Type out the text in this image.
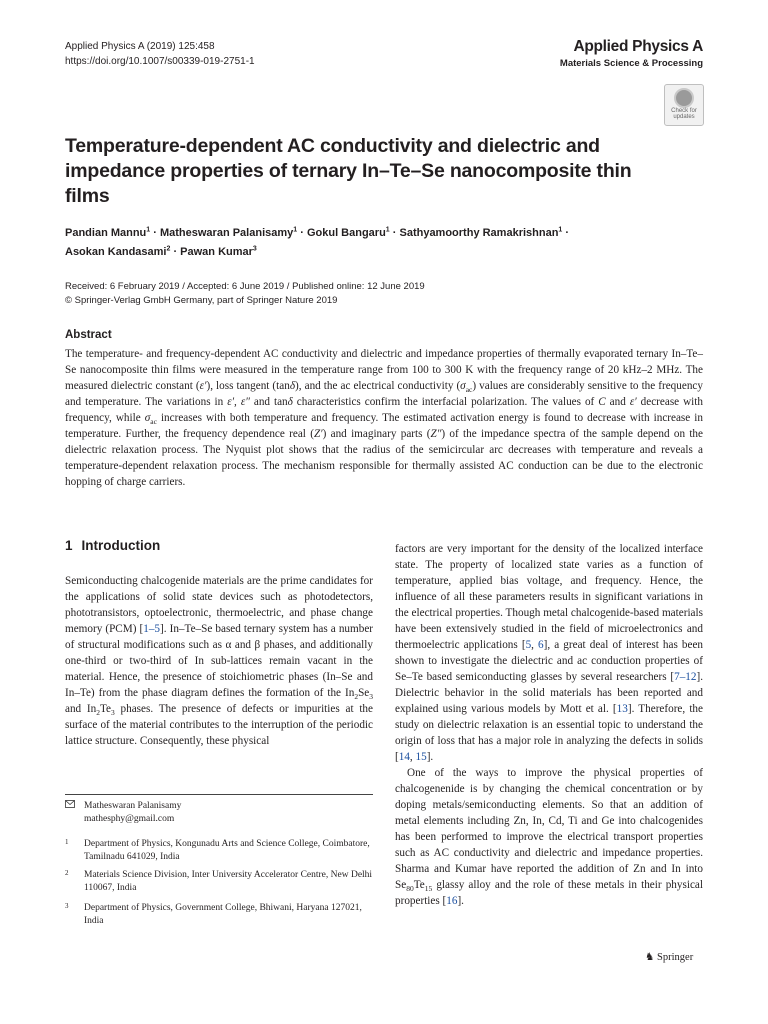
Applied Physics A (2019) 125:458
https://doi.org/10.1007/s00339-019-2751-1
Applied Physics A
Materials Science & Processing
Check for
updates
Temperature-dependent AC conductivity and dielectric and impedance properties of ternary In–Te–Se nanocomposite thin films
Pandian Mannu$^1$ · Matheswaran Palanisamy$^1$ · Gokul Bangaru$^1$ · Sathyamoorthy Ramakrishnan$^1$ ·
Asokan Kandasami$^2$ · Pawan Kumar$^3$
Received: 6 February 2019 / Accepted: 6 June 2019 / Published online: 12 June 2019
© Springer-Verlag GmbH Germany, part of Springer Nature 2019
Abstract
The temperature- and frequency-dependent AC conductivity and dielectric and impedance properties of thermally evaporated ternary In–Te–Se nanocomposite thin films were measured in the temperature range from 100 to 300 K with the frequency range of 20 kHz–2 MHz. The measured dielectric constant (ε′), loss tangent (tanδ), and the ac electrical conductivity $(\sigma_{ac})$ values are considerably sensitive to the frequency and temperature. The variations in ε′, ε″ and tanδ characteristics confirm the interfacial polarization. The values of C and ε′ decrease with frequency, while $\sigma_{ac}$ increases with both temperature and frequency. The estimated activation energy is found to decrease with increase in temperature. Further, the frequency dependence real (Z′) and imaginary parts (Z″) of the impedance spectra of the sample depend on the dielectric relaxation process. The Nyquist plot shows that the radius of the semicircular arc decreases with temperature and reveals a temperature-dependent relaxation process. The mechanism responsible for thermally assisted AC conduction can be due to the electronic hopping of charge carriers.
1 Introduction
Semiconducting chalcogenide materials are the prime candidates for the applications of solid state devices such as photodetectors, phototransistors, optoelectronic, thermoelectric, and phase change memory (PCM) [1–5]. In–Te–Se based ternary system has a number of structural modifications such as α and β phases, and additionally one-third or two-third of In sub-lattices remain vacant in the material. Hence, the presence of stoichiometric phases (In–Se and In–Te) from the phase diagram defines the formation of the $In_2Se_3$ and $In_2Te_3$ phases. The presence of defects or impurities at the surface of the material contributes to the interruption of the periodic lattice structure. Consequently, these physical

factors are very important for the density of the localized interface state. The property of localized state varies as a function of temperature, applied bias voltage, and frequency. Hence, the influence of all these parameters results in significant variations in the electrical properties. Though metal chalcogenide-based materials have been extensively studied in the field of microelectronics and thermoelectric applications [5, 6], a great deal of interest has been shown to investigate the dielectric and ac conduction properties of Se–Te based semiconducting glasses by several researchers [7–12]. Dielectric behavior in the solid materials has been reported and explained using various models by Mott et al. [13]. Therefore, the study on dielectric relaxation is an essential topic to understand the origin of loss that has a major role in analyzing the defects in solids [14, 15].

One of the ways to improve the physical properties of chalcogenenide is by changing the chemical concentration or by doping metals/semiconducting elements. So that an addition of metal elements including Zn, In, Cd, Ti and Ge into chalcogenides has been performed to improve the electrical transport properties such as AC conductivity and dielectric and impedance properties. Sharma and Kumar have reported the addition of Zn and In into $Se_{80}Te_{15}$ glassy alloy and the role of these metals in their physical properties [16].

Matheswaran Palanisamy
mathesphy@gmail.com
1 Department of Physics, Kongunadu Arts and Science College, Coimbatore, Tamilnadu 641029, India
2 Materials Science Division, Inter University Accelerator Centre, New Delhi 110067, India
3 Department of Physics, Government College, Bhiwani, Haryana 127021, India
♞ Springer
